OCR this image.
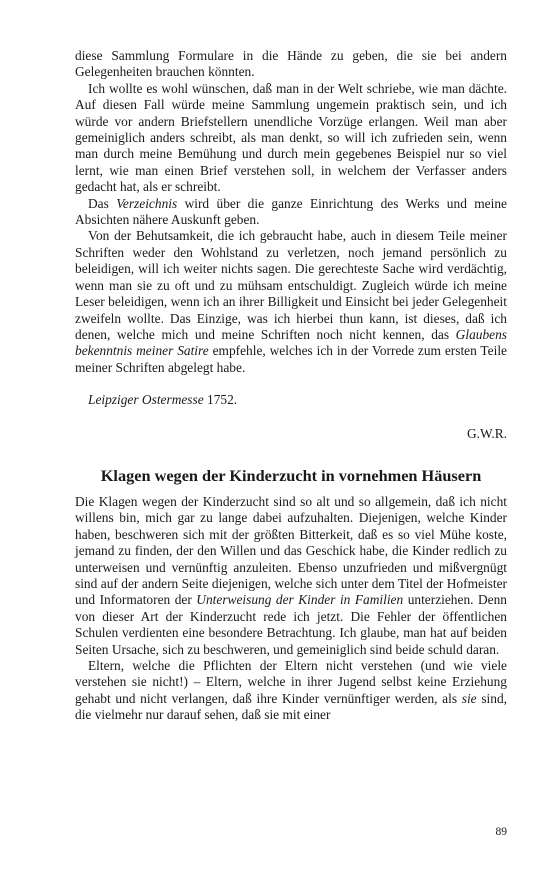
diese Sammlung Formulare in die Hände zu geben, die sie bei andern Gelegenheiten brauchen könnten.

Ich wollte es wohl wünschen, daß man in der Welt schriebe, wie man dächte. Auf diesen Fall würde meine Sammlung ungemein praktisch sein, und ich würde vor andern Briefstellern unendliche Vorzüge erlangen. Weil man aber gemeiniglich anders schreibt, als man denkt, so will ich zufrieden sein, wenn man durch meine Bemühung und durch mein gegebenes Beispiel nur so viel lernt, wie man einen Brief verstehen soll, in welchem der Verfasser anders gedacht hat, als er schreibt.

Das Verzeichnis wird über die ganze Einrichtung des Werks und meine Absichten nähere Auskunft geben.

Von der Behutsamkeit, die ich gebraucht habe, auch in diesem Teile meiner Schriften weder den Wohlstand zu verletzen, noch jemand persönlich zu beleidigen, will ich weiter nichts sagen. Die gerechteste Sache wird verdächtig, wenn man sie zu oft und zu mühsam entschuldigt. Zugleich würde ich meine Leser beleidigen, wenn ich an ihrer Billigkeit und Einsicht bei jeder Gelegenheit zweifeln wollte. Das Einzige, was ich hierbei thun kann, ist dieses, daß ich denen, welche mich und meine Schriften noch nicht kennen, das Glaubens bekenntnis meiner Satire empfehle, welches ich in der Vorrede zum ersten Teile meiner Schriften abgelegt habe.

Leipziger Ostermesse 1752.

G.W.R.

Klagen wegen der Kinderzucht in vornehmen Häusern

Die Klagen wegen der Kinderzucht sind so alt und so allgemein, daß ich nicht willens bin, mich gar zu lange dabei aufzuhalten. Diejenigen, welche Kinder haben, beschweren sich mit der größten Bitterkeit, daß es so viel Mühe koste, jemand zu finden, der den Willen und das Geschick habe, die Kinder redlich zu unterweisen und vernünftig anzuleiten. Ebenso unzufrieden und mißvergnügt sind auf der andern Seite diejenigen, welche sich unter dem Titel der Hofmeister und Informatoren der Unterweisung der Kinder in Familien unterziehen. Denn von dieser Art der Kinderzucht rede ich jetzt. Die Fehler der öffentlichen Schulen verdienten eine besondere Betrachtung. Ich glaube, man hat auf beiden Seiten Ursache, sich zu beschweren, und gemeiniglich sind beide schuld daran.

Eltern, welche die Pflichten der Eltern nicht verstehen (und wie viele verstehen sie nicht!) – Eltern, welche in ihrer Jugend selbst keine Erziehung gehabt und nicht verlangen, daß ihre Kinder vernünftiger werden, als sie sind, die vielmehr nur darauf sehen, daß sie mit einer

89
